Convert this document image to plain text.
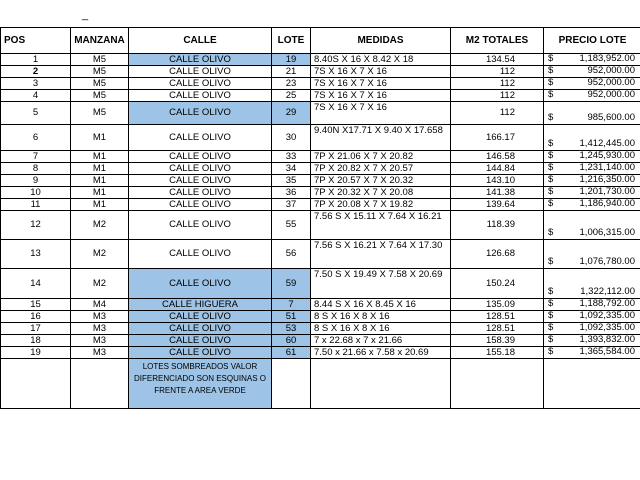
_
POS	MANZANA	CALLE	LOTE	MEDIDAS	M2 TOTALES	PRECIO LOTE
1	M5	CALLE OLIVO	19	8.40S X 16 X 8.42 X 18	134.54	$ 1,183,952.00

2	M5	CALLE OLIVO	21	7S X 16 X 7 X 16	112	$ 952,000.00

3	M5	CALLE OLIVO	23	7S X 16 X 7 X 16	112	$ 952,000.00

4	M5	CALLE OLIVO	25	7S X 16 X 7 X 16	112	$ 952,000.00

5	M5	CALLE OLIVO	29	7S X 16 X 7 X 16	112	$ 985,600.00

6	M1	CALLE OLIVO	30	9.40N X17.71 X 9.40 X 17.658	166.17	$ 1,412,445.00

7	M1	CALLE OLIVO	33	7P X 21.06 X 7 X 20.82	146.58	$ 1,245,930.00

8	M1	CALLE OLIVO	34	7P X 20.82 X 7 X 20.57	144.84	$ 1,231,140.00

9	M1	CALLE OLIVO	35	7P X 20.57 X 7 X 20.32	143.10	$ 1,216,350.00

10	M1	CALLE OLIVO	36	7P X 20.32 X 7 X 20.08	141.38	$ 1,201,730.00

11	M1	CALLE OLIVO	37	7P X 20.08 X 7 X 19.82	139.64	$ 1,186,940.00

12	M2	CALLE OLIVO	55	7.56 S X 15.11 X 7.64 X 16.21	118.39	$ 1,006,315.00

13	M2	CALLE OLIVO	56	7.56 S X 16.21 X 7.64 X 17.30	126.68	$ 1,076,780.00

14	M2	CALLE OLIVO	59	7.50 S X 19.49 X 7.58 X 20.69	150.24	$ 1,322,112.00

15	M4	CALLE HIGUERA	7	8.44 S X 16 X 8.45 X 16	135.09	$ 1,188,792.00

16	M3	CALLE OLIVO	51	8 S X 16 X 8 X 16	128.51	$ 1,092,335.00

17	M3	CALLE OLIVO	53	8 S X 16 X 8 X 16	128.51	$ 1,092,335.00

18	M3	CALLE OLIVO	60	7 x 22.68 x 7 x 21.66	158.39	$ 1,393,832.00

19	M3	CALLE OLIVO	61	7.50 x 21.66 x 7.58 x 20.69	155.18	$ 1,365,584.00

		LOTES SOMBREADOS VALOR DIFERENCIADO SON ESQUINAS O FRENTE A AREA VERDE				
